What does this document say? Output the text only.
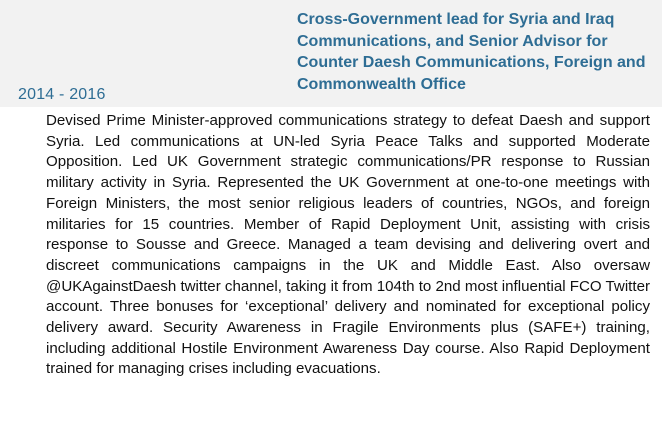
2014 - 2016
Cross-Government lead for Syria and Iraq Communications, and Senior Advisor for Counter Daesh Communications, Foreign and Commonwealth Office

Devised Prime Minister-approved communications strategy to defeat Daesh and support Syria. Led communications at UN-led Syria Peace Talks and supported Moderate Opposition. Led UK Government strategic communications/PR response to Russian military activity in Syria. Represented the UK Government at one-to-one meetings with Foreign Ministers, the most senior religious leaders of countries, NGOs, and foreign militaries for 15 countries. Member of Rapid Deployment Unit, assisting with crisis response to Sousse and Greece. Managed a team devising and delivering overt and discreet communications campaigns in the UK and Middle East. Also oversaw @UKAgainstDaesh twitter channel, taking it from 104th to 2nd most influential FCO Twitter account. Three bonuses for ‘exceptional’ delivery and nominated for exceptional policy delivery award. Security Awareness in Fragile Environments plus (SAFE+) training, including additional Hostile Environment Awareness Day course. Also Rapid Deployment trained for managing crises including evacuations.
